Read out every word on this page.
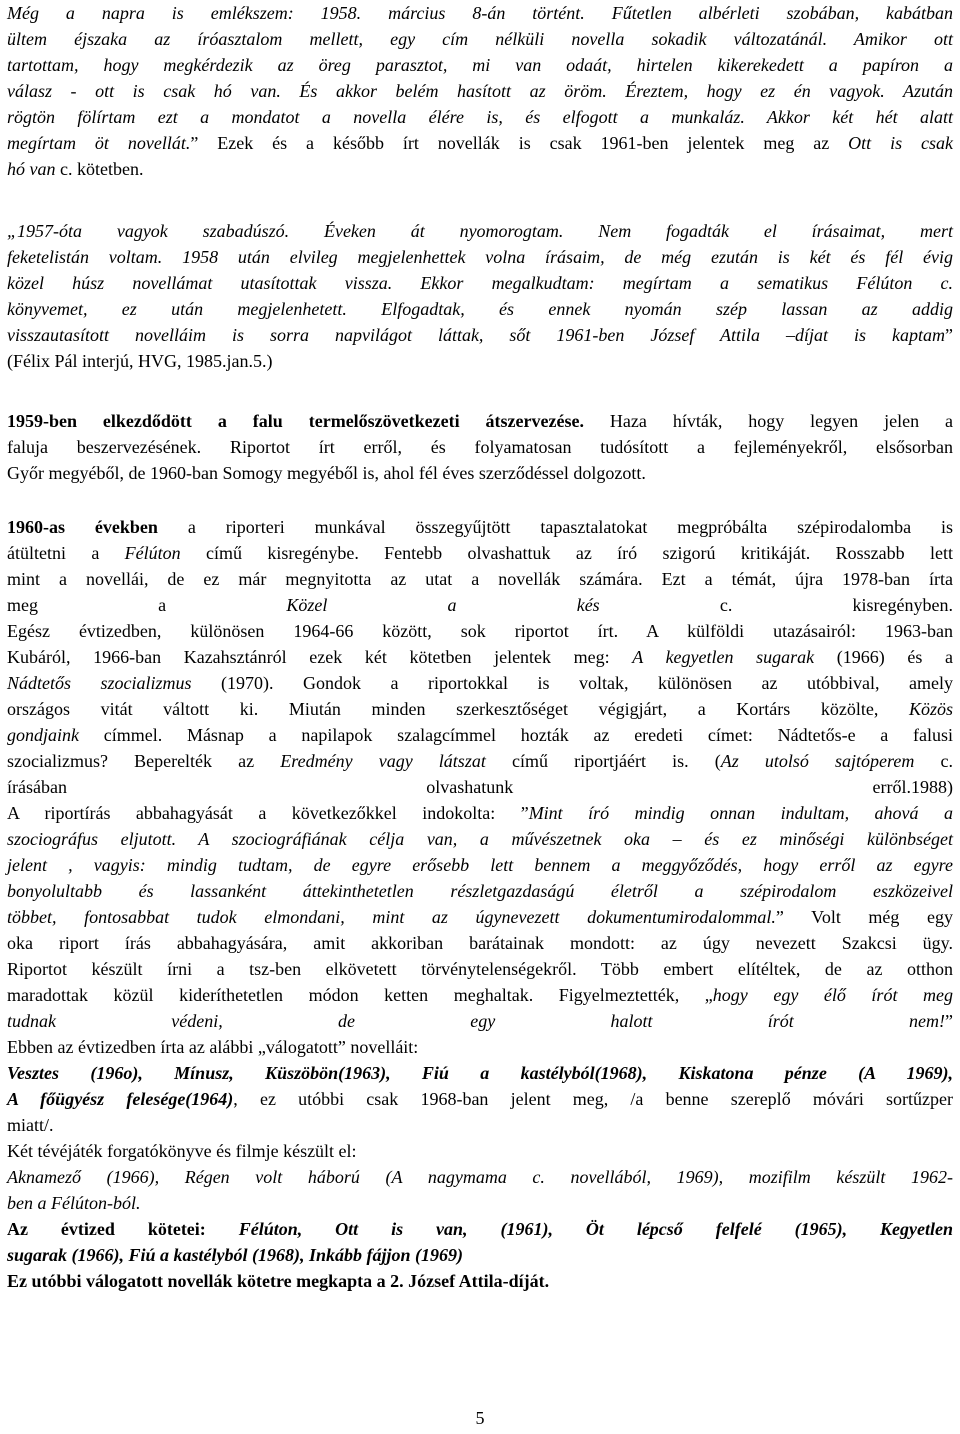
Még a napra is emlékszem: 1958. március 8-án történt. Fűtetlen albérleti szobában, kabátban
ültem éjszaka az íróasztalom mellett, egy cím nélküli novella sokadik változatánál. Amikor ott
tartottam, hogy megkérdezik az öreg parasztot, mi van odaát, hirtelen kikerekedett a papíron a
válasz - ott is csak hó van. És akkor belém hasított az öröm. Éreztem, hogy ez én vagyok. Azután
rögtön fölírtam ezt a mondatot a novella élére is, és elfogott a munkaláz. Akkor két hét alatt
megírtam öt novellát.” Ezek és a később írt novellák is csak 1961-ben jelentek meg az Ott is csak
hó van c. kötetben.
„1957-óta vagyok szabadúszó. Éveken át nyomorogtam. Nem fogadták el írásaimat, mert
feketelistán voltam. 1958 után elvileg megjelenhettek volna írásaim, de még ezután is két és fél évig
közel húsz novellámat utasítottak vissza. Ekkor megalkudtam: megírtam a sematikus Félúton c.
könyvemet, ez után megjelenhetett. Elfogadtak, és ennek nyomán szép lassan az addig
visszautasított novelláim is sorra napvilágot láttak, sőt 1961-ben József Attila –díjat is kaptam”
(Félix Pál interjú, HVG, 1985.jan.5.)
1959-ben elkezdődött a falu termelőszövetkezeti átszervezése. Haza hívták, hogy legyen jelen a
faluja beszervezésének. Riportot írt erről, és folyamatosan tudósított a fejleményekről, elsősorban
Győr megyéből, de 1960-ban Somogy megyéből is, ahol fél éves szerződéssel dolgozott.
1960-as években a riporteri munkával összegyűjtött tapasztalatokat megpróbálta szépirodalomba is
átültetni a Félúton című kisregénybe. Fentebb olvashattuk az író szigorú kritikáját. Rosszabb lett
mint a novellái, de ez már megnyitotta az utat a novellák számára. Ezt a témát, újra 1978-ban írta
meg a Közel a kés c. kisregényben.
Egész évtizedben, különösen 1964-66 között, sok riportot írt. A külföldi utazásairól: 1963-ban
Kubáról, 1966-ban Kazahsztánról ezek két kötetben jelentek meg: A kegyetlen sugarak (1966) és a
Nádtetős szocializmus (1970). Gondok a riportokkal is voltak, különösen az utóbbival, amely
országos vitát váltott ki. Miután minden szerkesztőséget végigjárt, a Kortárs közölte, Közös
gondjaink címmel. Másnap a napilapok szalagcímmel hozták az eredeti címet: Nádtetős-e a falusi
szocializmus? Beperelték az Eredmény vagy látszat című riportjáért is. (Az utolsó sajtóperem c.
írásában olvashatunk erről.1988)
A riportírás abbahagyását a következőkkel indokolta: ”Mint író mindig onnan indultam, ahová a
szociográfus eljutott. A szociográfiának célja van, a művészetnek oka – és ez minőségi különbséget
jelent , vagyis: mindig tudtam, de egyre erősebb lett bennem a meggyőződés, hogy erről az egyre
bonyolultabb és lassanként áttekinthetetlen részletgazdaságú életről a szépirodalom eszközeivel
többet, fontosabbat tudok elmondani, mint az úgynevezett dokumentumirodalommal.” Volt még egy
oka riport írás abbahagyására, amit akkoriban barátainak mondott: az úgy nevezett Szakcsi ügy.
Riportot készült írni a tsz-ben elkövetett törvénytelenségekről. Több embert elítéltek, de az otthon
maradottak közül kideríthetetlen módon ketten meghaltak. Figyelmeztették, „hogy egy élő írót meg
tudnak védeni, de egy halott írót nem!”
Ebben az évtizedben írta az alábbi „válogatott” novelláit:
Vesztes (196o), Mínusz, Küszöbön(1963), Fiú a kastélyból(1968), Kiskatona pénze (A 1969),
A főügyész felesége(1964), ez utóbbi csak 1968-ban jelent meg, /a benne szereplő móvári sortűzper
miatt/.
Két tévéjáték forgatókönyve és filmje készült el:
Aknamező (1966), Régen volt háború (A nagymama c. novellából, 1969), mozifilm készült 1962-
ben a Félúton-ból.
Az évtized kötetei: Félúton, Ott is van, (1961), Öt lépcső felfelé (1965), Kegyetlen
sugarak (1966), Fiú a kastélyból (1968), Inkább fájjon (1969)
Ez utóbbi válogatott novellák kötetre megkapta a 2. József Attila-díját.
5
